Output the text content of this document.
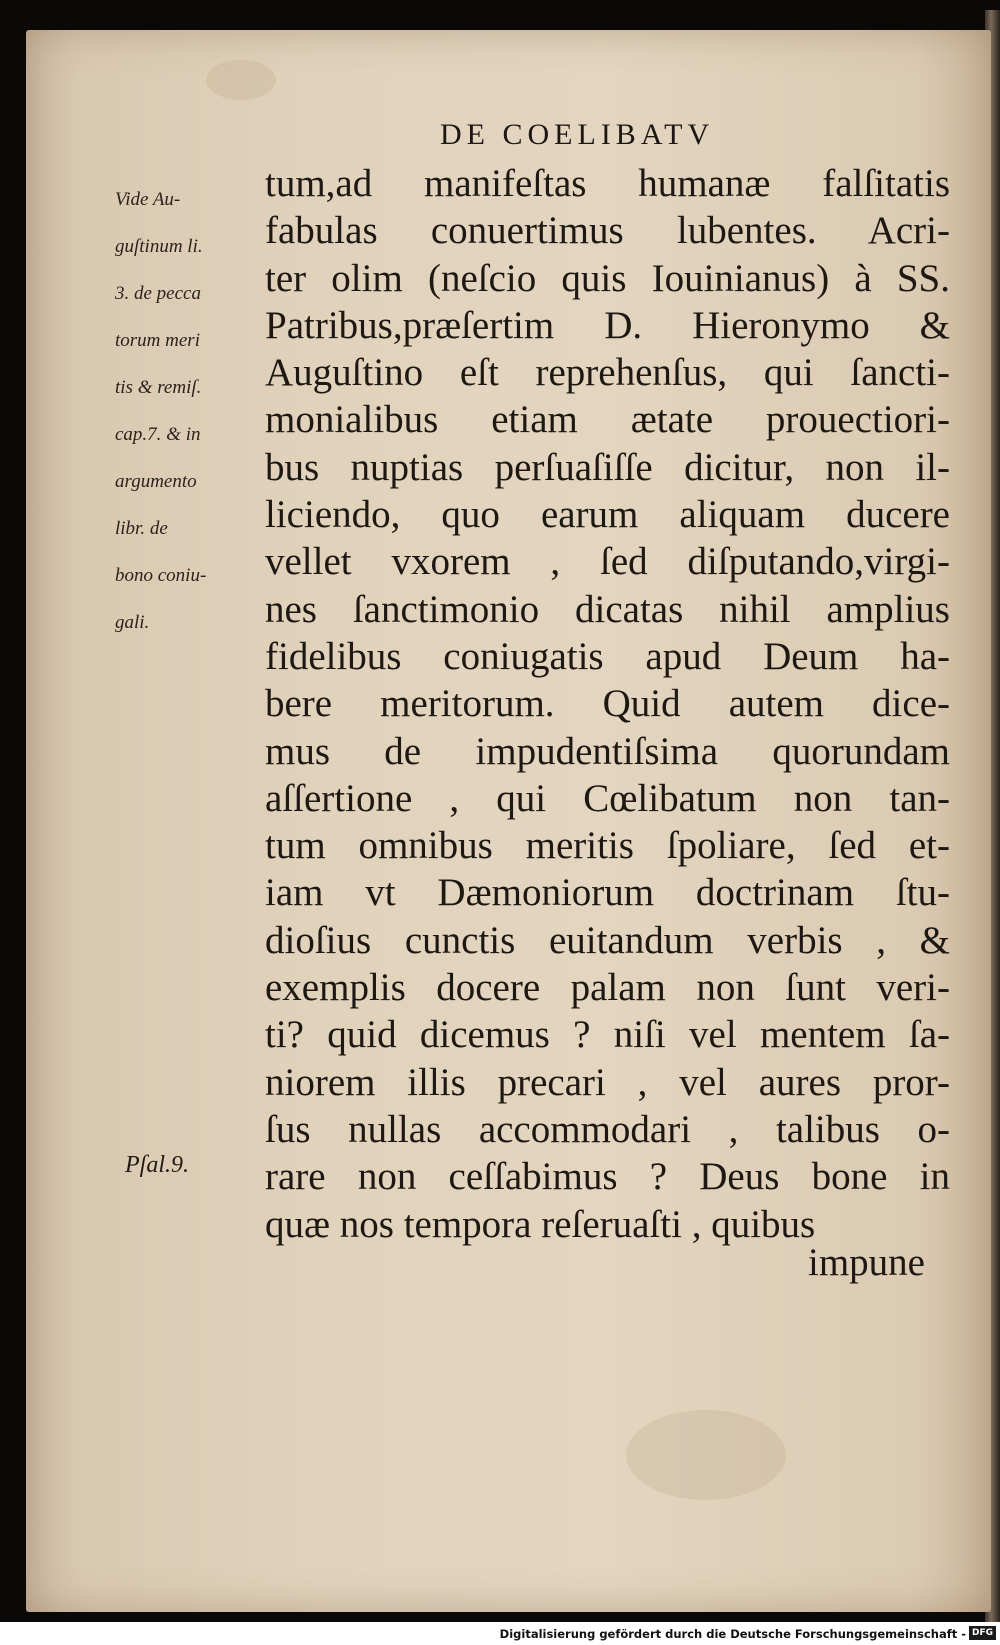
DE COELIBATV
Vide Au-
guſtinum li.
3. de pecca
torum meri
tis & remiſ.
cap.7. & in
argumento
libr. de
bono coniu-
gali.
Pſal.9.
tum,ad manifeſtas humanæ falſitatis
fabulas conuertimus lubentes. Acri-
ter olim (neſcio quis Iouinianus) à SS.
Patribus,præſertim D. Hieronymo &
Auguſtino eſt reprehenſus, qui ſancti-
monialibus etiam ætate prouectiori-
bus nuptias perſuaſiſſe dicitur, non il-
liciendo, quo earum aliquam ducere
vellet vxorem , ſed diſputando,virgi-
nes ſanctimonio dicatas nihil amplius
fidelibus coniugatis apud Deum ha-
bere meritorum. Quid autem dice-
mus de impudentiſsima quorundam
aſſertione , qui Cœlibatum non tan-
tum omnibus meritis ſpoliare, ſed et-
iam vt Dæmoniorum doctrinam ſtu-
dioſius cunctis euitandum verbis , &
exemplis docere palam non ſunt veri-
ti? quid dicemus ? niſi vel mentem ſa-
niorem illis precari , vel aures pror-
ſus nullas accommodari , talibus o-
rare non ceſſabimus ? Deus bone in
quæ nos tempora reſeruaſti , quibus
impune
Digitalisierung gefördert durch die Deutsche Forschungsgemeinschaft - DFG
